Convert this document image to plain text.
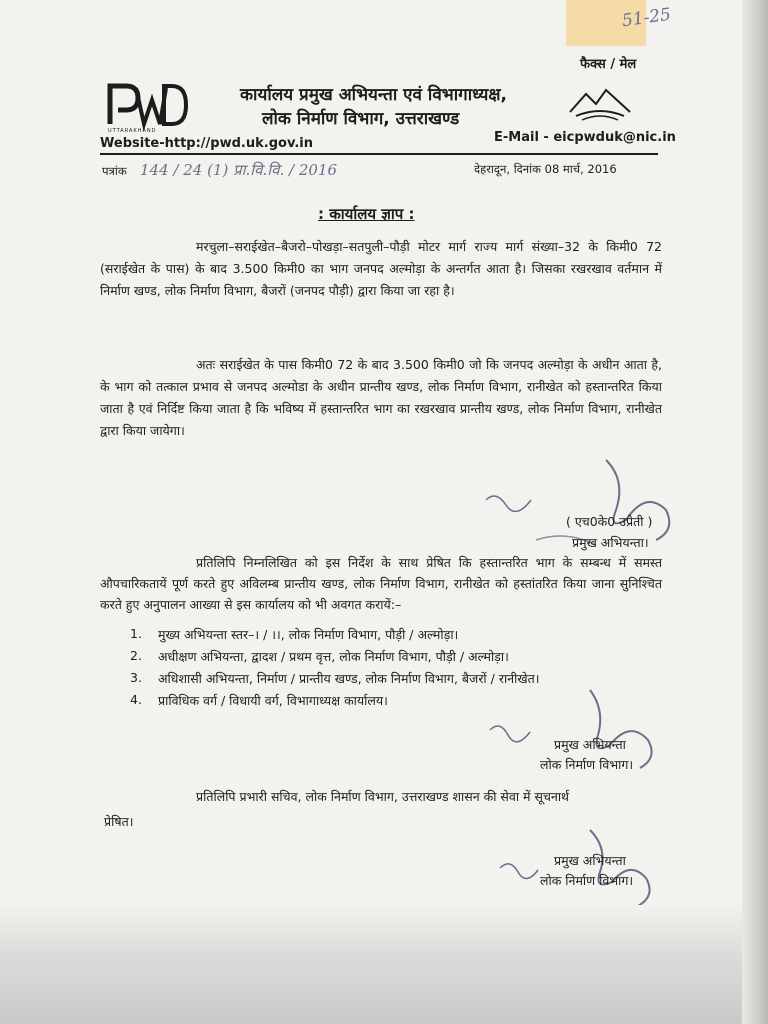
51-25
UTTARAKHAND
फैक्स / मेल
कार्यालय प्रमुख अभियन्ता एवं विभागाध्यक्ष,
लोक निर्माण विभाग, उत्तराखण्ड
Website-http://pwd.uk.gov.in	E-Mail - eicpwduk@nic.in
पत्रांक 144 / 24 (1) प्रा.वि.वि. / 2016	देहरादून, दिनांक 08 मार्च, 2016
: कार्यालय ज्ञाप :
मरचुला–सराईखेत–बैजरो–पोखड़ा–सतपुली–पौड़ी मोटर मार्ग राज्य मार्ग संख्या–32 के किमी0 72 (सराईखेत के पास) के बाद 3.500 किमी0 का भाग जनपद अल्मोड़ा के अन्तर्गत आता है। जिसका रखरखाव वर्तमान में निर्माण खण्ड, लोक निर्माण विभाग, बैजरों (जनपद पौड़ी) द्वारा किया जा रहा है।
अतः सराईखेत के पास किमी0 72 के बाद 3.500 किमी0 जो कि जनपद अल्मोड़ा के अधीन आता है, के भाग को तत्काल प्रभाव से जनपद अल्मोडा के अधीन प्रान्तीय खण्ड, लोक निर्माण विभाग, रानीखेत को हस्तान्तरित किया जाता है एवं निर्दिष्ट किया जाता है कि भविष्य में हस्तान्तरित भाग का रखरखाव प्रान्तीय खण्ड, लोक निर्माण विभाग, रानीखेत द्वारा किया जायेगा।
( एच0के0 उप्रेती )
प्रमुख अभियन्ता।
प्रतिलिपि निम्नलिखित को इस निर्देश के साथ प्रेषित कि हस्तान्तरित भाग के सम्बन्ध में समस्त औपचारिकतायें पूर्ण करते हुए अविलम्ब प्रान्तीय खण्ड, लोक निर्माण विभाग, रानीखेत को हस्तांतरित किया जाना सुनिश्चित करते हुए अनुपालन आख्या से इस कार्यालय को भी अवगत करायें:–
1. मुख्य अभियन्ता स्तर–। / ।।, लोक निर्माण विभाग, पौड़ी / अल्मोड़ा।
2. अधीक्षण अभियन्ता, द्वादश / प्रथम वृत्त, लोक निर्माण विभाग, पौड़ी / अल्मोड़ा।
3. अधिशासी अभियन्ता, निर्माण / प्रान्तीय खण्ड, लोक निर्माण विभाग, बैजरों / रानीखेत।
4. प्राविधिक वर्ग / विधायी वर्ग, विभागाध्यक्ष कार्यालय।
प्रमुख अभियन्ता
लोक निर्माण विभाग।
प्रतिलिपि प्रभारी सचिव, लोक निर्माण विभाग, उत्तराखण्ड शासन की सेवा में सूचनार्थ
प्रेषित।
प्रमुख अभियन्ता
लोक निर्माण विभाग।
